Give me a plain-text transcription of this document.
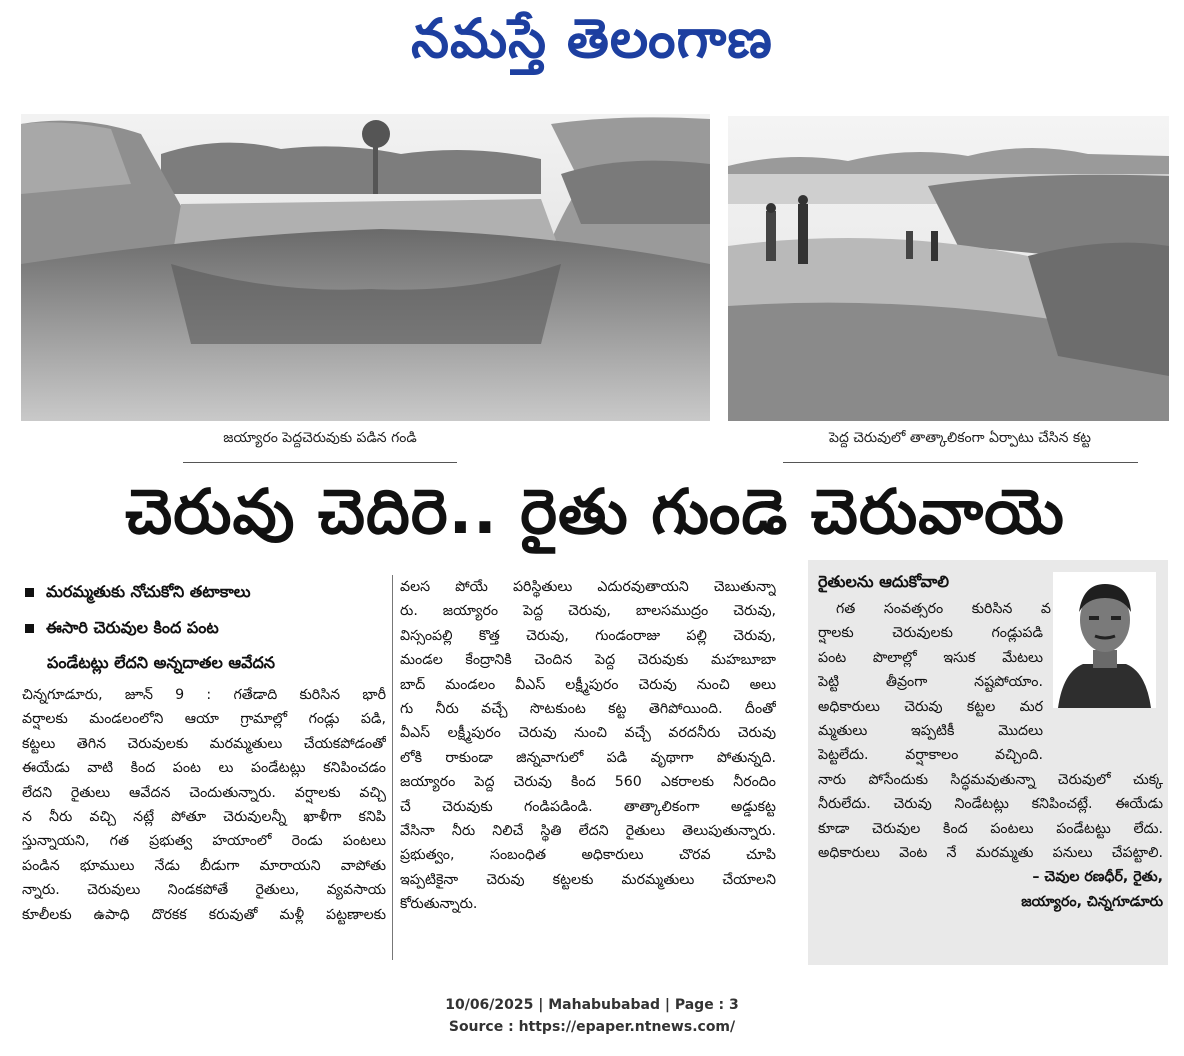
నమస్తే తెలంగాణ
జయ్యారం పెద్దచెరువుకు పడిన గండి	పెద్ద చెరువులో తాత్కాలికంగా ఏర్పాటు చేసిన కట్ట
చెరువు చెదిరె.. రైతు గుండె చెరువాయె
మరమ్మతుకు నోచుకోని తటాకాలు
ఈసారి చెరువుల కింద పంట
పండేటట్లు లేదని అన్నదాతల ఆవేదన
చిన్నగూడూరు, జూన్ 9 : గతేడాది కురిసిన భారీ
వర్షాలకు మండలంలోని ఆయా గ్రామాల్లో గండ్లు పడి,
కట్టలు తెగిన చెరువులకు మరమ్మతులు చేయకపోడంతో
ఈయేడు వాటి కింద పంట లు పండేటట్లు కనిపించడం
లేదని రైతులు ఆవేదన చెందుతున్నారు. వర్షాలకు వచ్చి
న నీరు వచ్చి నట్లే పోతూ చెరువులన్నీ ఖాళీగా కనిపి
స్తున్నాయని, గత ప్రభుత్వ హయాంలో రెండు పంటలు
పండిన భూములు నేడు బీడుగా మారాయని వాపోతు
న్నారు. చెరువులు నిండకపోతే రైతులు, వ్యవసాయ
కూలీలకు ఉపాధి దొరకక కరువుతో మళ్లీ పట్టణాలకు
వలస పోయే పరిస్థితులు ఎదురవుతాయని చెబుతున్నా
రు. జయ్యారం పెద్ద చెరువు, బాలసముద్రం చెరువు,
విస్సంపల్లి కొత్త చెరువు, గుండంరాజు పల్లి చెరువు,
మండల కేంద్రానికి చెందిన పెద్ద చెరువుకు మహబూబా
బాద్ మండలం వీఎస్ లక్ష్మీపురం చెరువు నుంచి అలు
గు నీరు వచ్చే సొటకుంట కట్ట తెగిపోయింది. దీంతో
వీఎస్ లక్ష్మీపురం చెరువు నుంచి వచ్చే వరదనీరు చెరువు
లోకి రాకుండా జిన్నవాగులో పడి వృథాగా పోతున్నది.
జయ్యారం పెద్ద చెరువు కింద 560 ఎకరాలకు నీరందిం
చే చెరువుకు గండిపడిండి. తాత్కాలికంగా అడ్డుకట్ట
వేసినా నీరు నిలిచే స్థితి లేదని రైతులు తెలుపుతున్నారు.
ప్రభుత్వం, సంబంధిత అధికారులు చొరవ చూపి
ఇప్పటికైనా చెరువు కట్టలకు మరమ్మతులు చేయాలని
కోరుతున్నారు.
రైతులను ఆదుకోవాలి
గత సంవత్సరం కురిసిన వ
ర్షాలకు చెరువులకు గండ్లుపడి
పంట పొలాల్లో ఇసుక మేటలు
పెట్టి తీవ్రంగా నష్టపోయాం.
అధికారులు చెరువు కట్టల మర
మ్మతులు ఇప్పటికీ మొదలు
పెట్టలేదు. వర్షాకాలం వచ్చింది.
నారు పోసేందుకు సిద్ధమవుతున్నా చెరువులో చుక్క
నీరులేదు. చెరువు నిండేటట్లు కనిపించట్లే. ఈయేడు
కూడా చెరువుల కింద పంటలు పండేటట్టు లేదు.
అధికారులు వెంట నే మరమ్మతు పనులు చేపట్టాలి.
– చెవుల రణధీర్, రైతు,
జయ్యారం, చిన్నగూడూరు
10/06/2025 | Mahabubabad | Page : 3
Source : https://epaper.ntnews.com/
